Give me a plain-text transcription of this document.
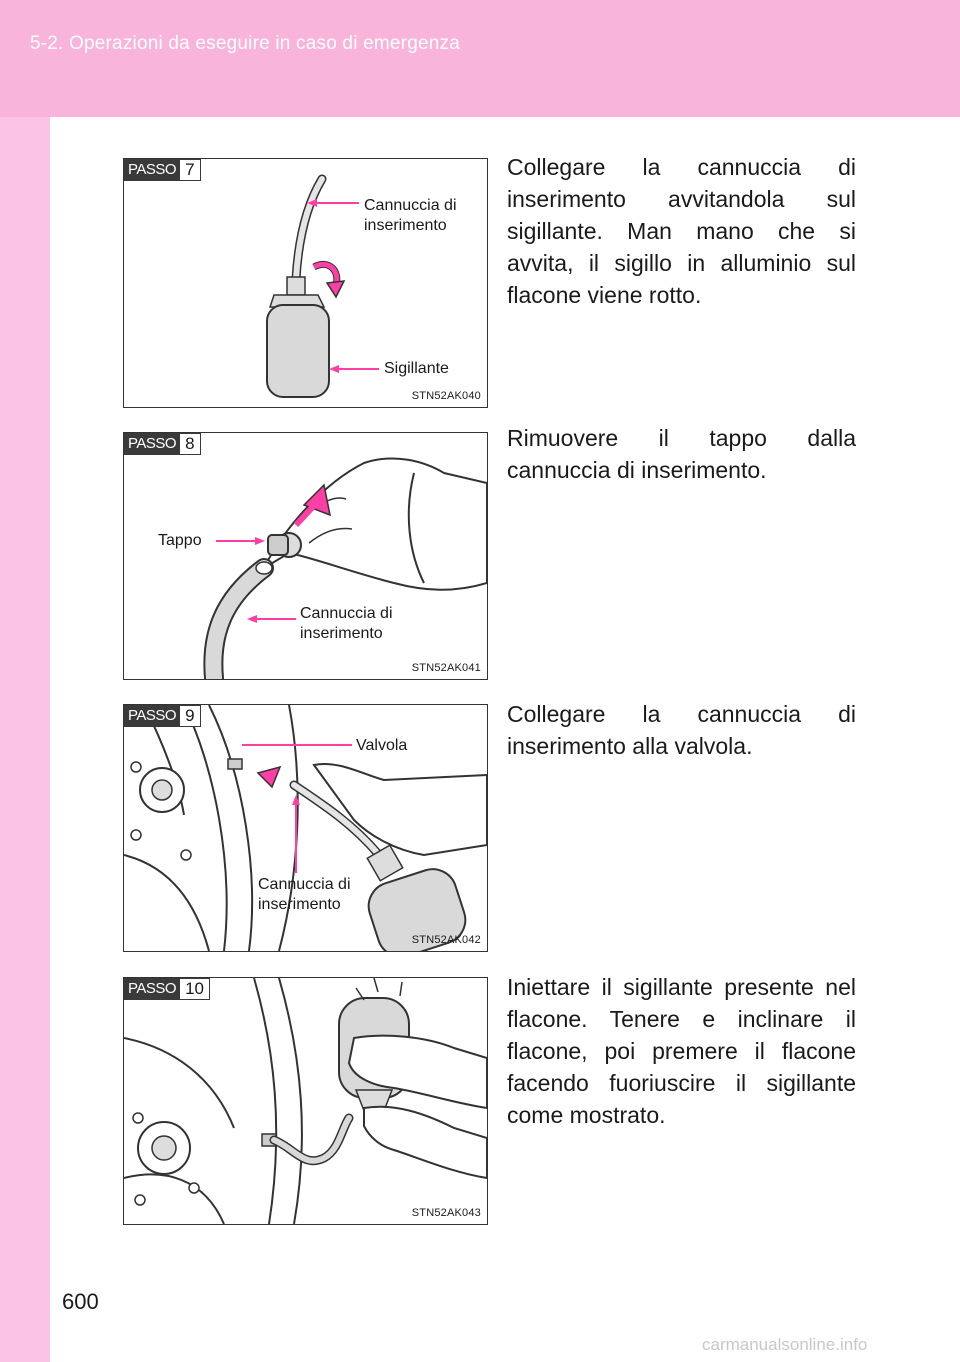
5-2. Operazioni da eseguire in caso di emergenza
PASSO 7
Cannuccia di inserimento
Sigillante
STN52AK040
Collegare la cannuccia di inserimento avvitandola sul sigillante. Man mano che si avvita, il sigillo in alluminio sul flacone viene rotto.
PASSO 8
Tappo
Cannuccia di inserimento
STN52AK041
Rimuovere il tappo dalla cannuccia di inserimento.
PASSO 9
Valvola
Cannuccia di inserimento
STN52AK042
Collegare la cannuccia di inserimento alla valvola.
PASSO 10
STN52AK043
Iniettare il sigillante presente nel flacone. Tenere e inclinare il flacone, poi premere il flacone facendo fuoriuscire il sigillante come mostrato.
600
carmanualsonline.info
